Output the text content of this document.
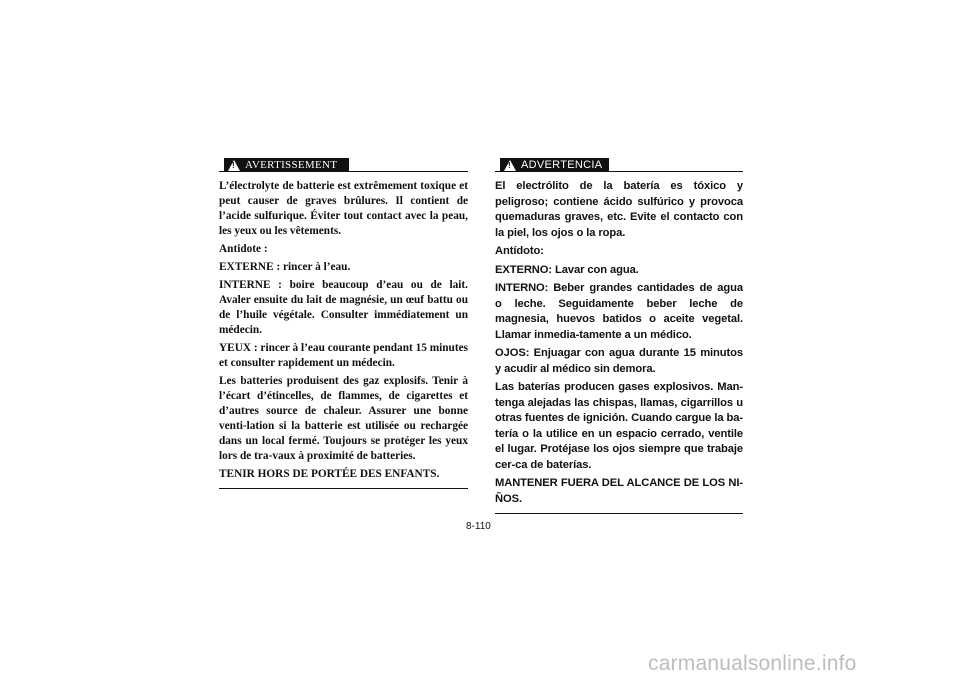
!
AVERTISSEMENT

L’électrolyte de batterie est extrêmement toxique et peut causer de graves brûlures. Il contient de l’acide sulfurique. Éviter tout contact avec la peau, les yeux ou les vêtements.

Antidote :

EXTERNE : rincer à l’eau.

INTERNE : boire beaucoup d’eau ou de lait. Avaler ensuite du lait de magnésie, un œuf battu ou de l’huile végétale. Consulter immédiatement un médecin.

YEUX : rincer à l’eau courante pendant 15 minutes et consulter rapidement un médecin.

Les batteries produisent des gaz explosifs. Tenir à l’écart d’étincelles, de flammes, de cigarettes et d’autres source de chaleur. Assurer une bonne venti-lation si la batterie est utilisée ou rechargée dans un local fermé. Toujours se protéger les yeux lors de tra-vaux à proximité de batteries.

TENIR HORS DE PORTÉE DES ENFANTS.

!
ADVERTENCIA

El electrólito de la batería es tóxico y peligroso; contiene ácido sulfúrico y provoca quemaduras graves, etc. Evite el contacto con la piel, los ojos o la ropa.

Antídoto:

EXTERNO: Lavar con agua.

INTERNO: Beber grandes cantidades de agua o leche. Seguidamente beber leche de magnesia, huevos batidos o aceite vegetal. Llamar inmedia-tamente a un médico.

OJOS: Enjuagar con agua durante 15 minutos y acudir al médico sin demora.

Las baterías producen gases explosivos. Man-tenga alejadas las chispas, llamas, cigarrillos u otras fuentes de ignición. Cuando cargue la ba-tería o la utilice en un espacio cerrado, ventile el lugar. Protéjase los ojos siempre que trabaje cer-ca de baterías.

MANTENER FUERA DEL ALCANCE DE LOS NI-ÑOS.

8-110
carmanualsonline.info
